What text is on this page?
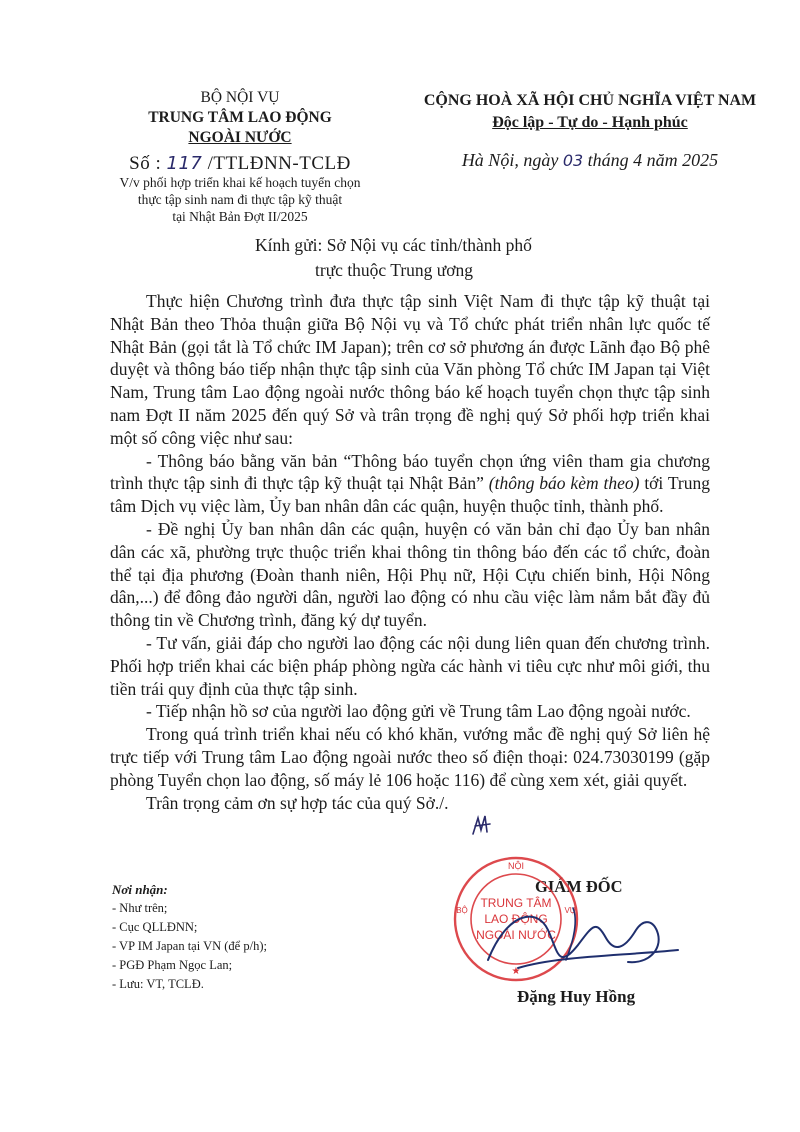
BỘ NỘI VỤ
TRUNG TÂM LAO ĐỘNG
NGOÀI NƯỚC
Số : 117 /TTLĐNN-TCLĐ
V/v phối hợp triển khai kế hoạch tuyển chọn
thực tập sinh nam đi thực tập kỹ thuật
tại Nhật Bản Đợt II/2025
CỘNG HOÀ XÃ HỘI CHỦ NGHĨA VIỆT NAM
Độc lập - Tự do - Hạnh phúc
Hà Nội, ngày 03 tháng 4 năm 2025
Kính gửi: Sở Nội vụ các tỉnh/thành phố
trực thuộc Trung ương

Thực hiện Chương trình đưa thực tập sinh Việt Nam đi thực tập kỹ thuật tại Nhật Bản theo Thỏa thuận giữa Bộ Nội vụ và Tổ chức phát triển nhân lực quốc tế Nhật Bản (gọi tắt là Tổ chức IM Japan); trên cơ sở phương án được Lãnh đạo Bộ phê duyệt và thông báo tiếp nhận thực tập sinh của Văn phòng Tổ chức IM Japan tại Việt Nam, Trung tâm Lao động ngoài nước thông báo kế hoạch tuyển chọn thực tập sinh nam Đợt II năm 2025 đến quý Sở và trân trọng đề nghị quý Sở phối hợp triển khai một số công việc như sau:

- Thông báo bằng văn bản “Thông báo tuyển chọn ứng viên tham gia chương trình thực tập sinh đi thực tập kỹ thuật tại Nhật Bản” (thông báo kèm theo) tới Trung tâm Dịch vụ việc làm, Ủy ban nhân dân các quận, huyện thuộc tỉnh, thành phố.

- Đề nghị Ủy ban nhân dân các quận, huyện có văn bản chỉ đạo Ủy ban nhân dân các xã, phường trực thuộc triển khai thông tin thông báo đến các tổ chức, đoàn thể tại địa phương (Đoàn thanh niên, Hội Phụ nữ, Hội Cựu chiến binh, Hội Nông dân,...) để đông đảo người dân, người lao động có nhu cầu việc làm nắm bắt đầy đủ thông tin về Chương trình, đăng ký dự tuyển.

- Tư vấn, giải đáp cho người lao động các nội dung liên quan đến chương trình. Phối hợp triển khai các biện pháp phòng ngừa các hành vi tiêu cực như môi giới, thu tiền trái quy định của thực tập sinh.

- Tiếp nhận hồ sơ của người lao động gửi về Trung tâm Lao động ngoài nước.

Trong quá trình triển khai nếu có khó khăn, vướng mắc đề nghị quý Sở liên hệ trực tiếp với Trung tâm Lao động ngoài nước theo số điện thoại: 024.73030199 (gặp phòng Tuyển chọn lao động, số máy lẻ 106 hoặc 116) để cùng xem xét, giải quyết.

Trân trọng cảm ơn sự hợp tác của quý Sở./.

Nơi nhận:
- Như trên;
- Cục QLLĐNN;
- VP IM Japan tại VN (để p/h);
- PGĐ Phạm Ngọc Lan;
- Lưu: VT, TCLĐ.
GIÁM ĐỐC
NỘI
BỘ	VỤ
TRUNG TÂM
LAO ĐỘNG
NGOÀI NƯỚC
★
Đặng Huy Hồng
